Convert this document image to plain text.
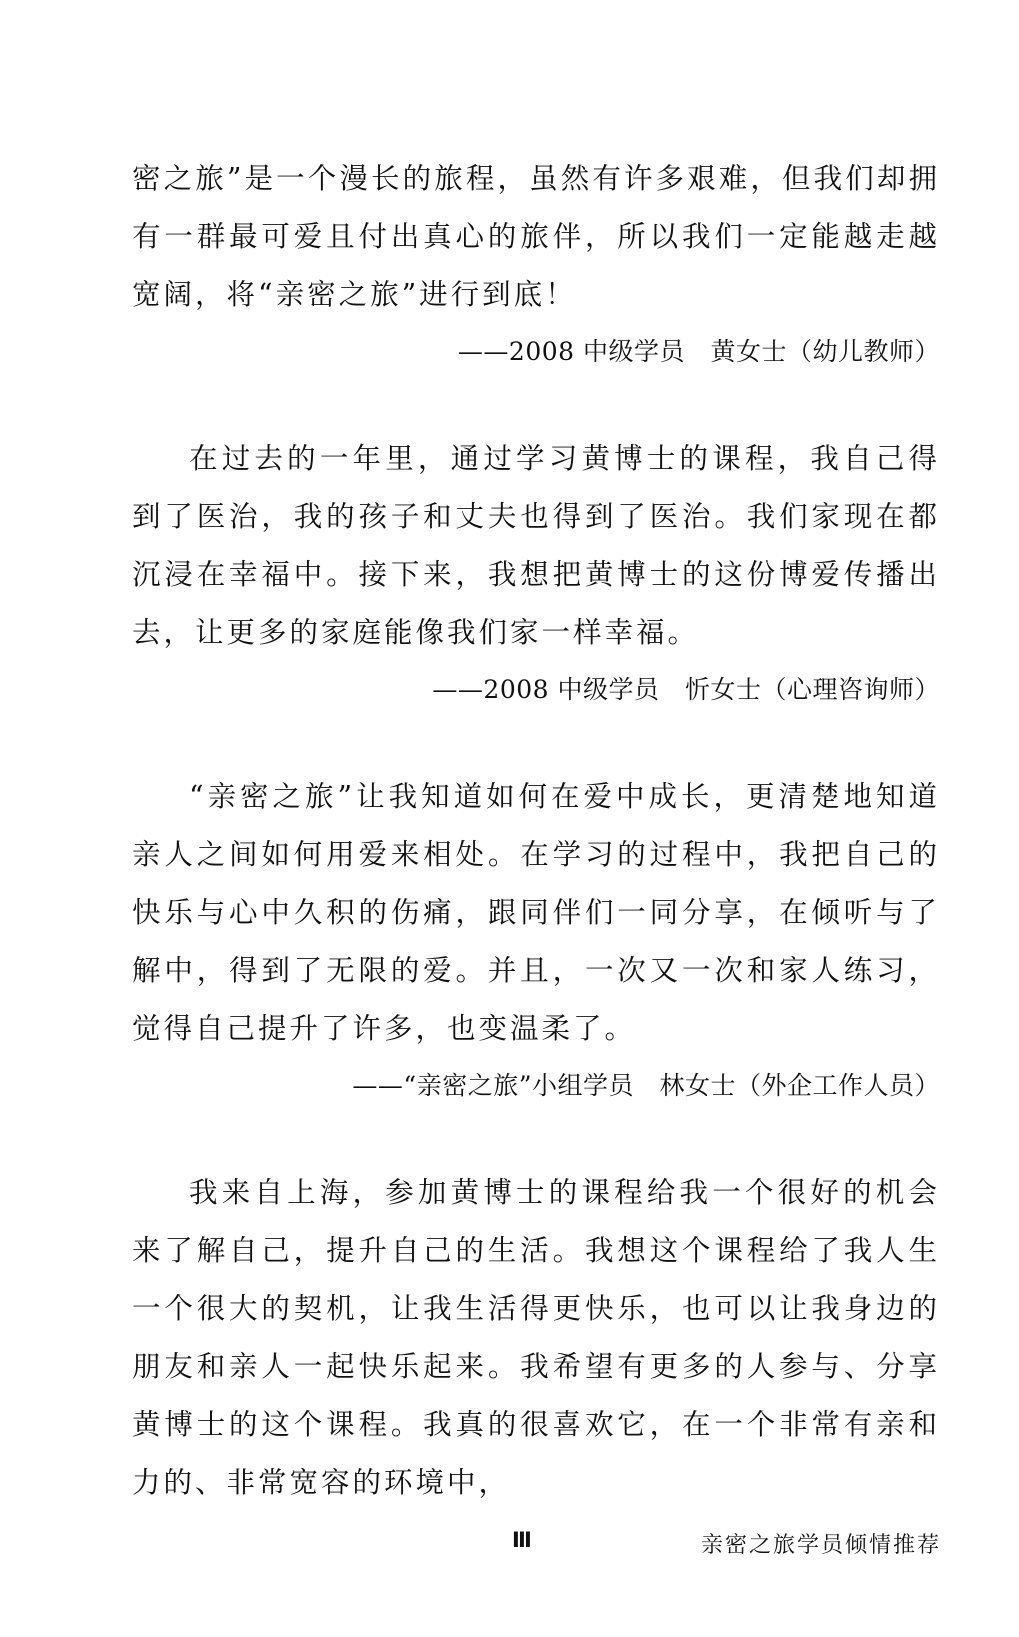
密之旅”是一个漫长的旅程，虽然有许多艰难，但我们却拥有一群最可爱且付出真心的旅伴，所以我们一定能越走越宽阔，将“亲密之旅”进行到底！

——2008 中级学员　黄女士（幼儿教师）

在过去的一年里，通过学习黄博士的课程，我自己得到了医治，我的孩子和丈夫也得到了医治。我们家现在都沉浸在幸福中。接下来，我想把黄博士的这份博爱传播出去，让更多的家庭能像我们家一样幸福。

——2008 中级学员　忻女士（心理咨询师）

“亲密之旅”让我知道如何在爱中成长，更清楚地知道亲人之间如何用爱来相处。在学习的过程中，我把自己的快乐与心中久积的伤痛，跟同伴们一同分享，在倾听与了解中，得到了无限的爱。并且，一次又一次和家人练习，觉得自己提升了许多，也变温柔了。

——“亲密之旅”小组学员　林女士（外企工作人员）

我来自上海，参加黄博士的课程给我一个很好的机会来了解自己，提升自己的生活。我想这个课程给了我人生一个很大的契机，让我生活得更快乐，也可以让我身边的朋友和亲人一起快乐起来。我希望有更多的人参与、分享黄博士的这个课程。我真的很喜欢它，在一个非常有亲和力的、非常宽容的环境中，

Ⅲ	亲密之旅学员倾情推荐
